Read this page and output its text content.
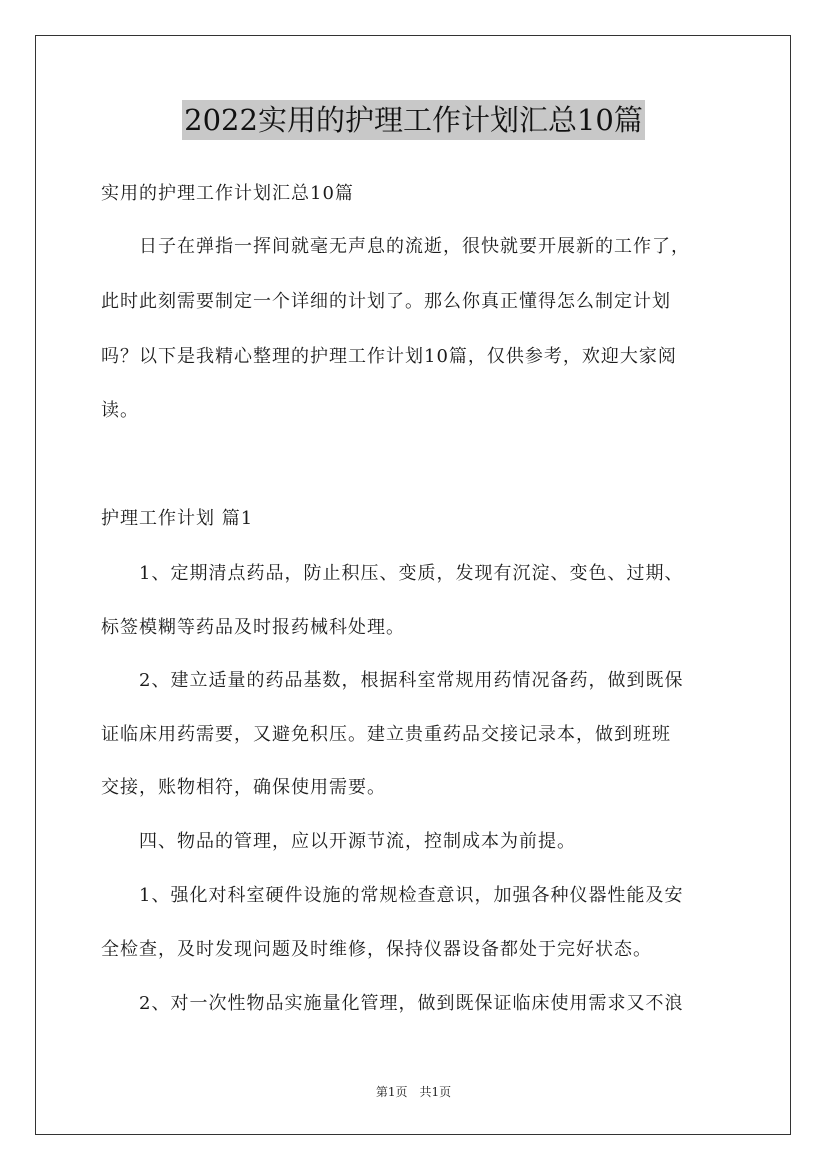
2022实用的护理工作计划汇总10篇
实用的护理工作计划汇总10篇
　　日子在弹指一挥间就毫无声息的流逝，很快就要开展新的工作了，
此时此刻需要制定一个详细的计划了。那么你真正懂得怎么制定计划
吗？以下是我精心整理的护理工作计划10篇，仅供参考，欢迎大家阅
读。
护理工作计划 篇1
　　1、定期清点药品，防止积压、变质，发现有沉淀、变色、过期、
标签模糊等药品及时报药械科处理。
　　2、建立适量的药品基数，根据科室常规用药情况备药，做到既保
证临床用药需要，又避免积压。建立贵重药品交接记录本，做到班班
交接，账物相符，确保使用需要。
　　四、物品的管理，应以开源节流，控制成本为前提。
　　1、强化对科室硬件设施的常规检查意识，加强各种仪器性能及安
全检查，及时发现问题及时维修，保持仪器设备都处于完好状态。
　　2、对一次性物品实施量化管理，做到既保证临床使用需求又不浪
第1页　共1页
